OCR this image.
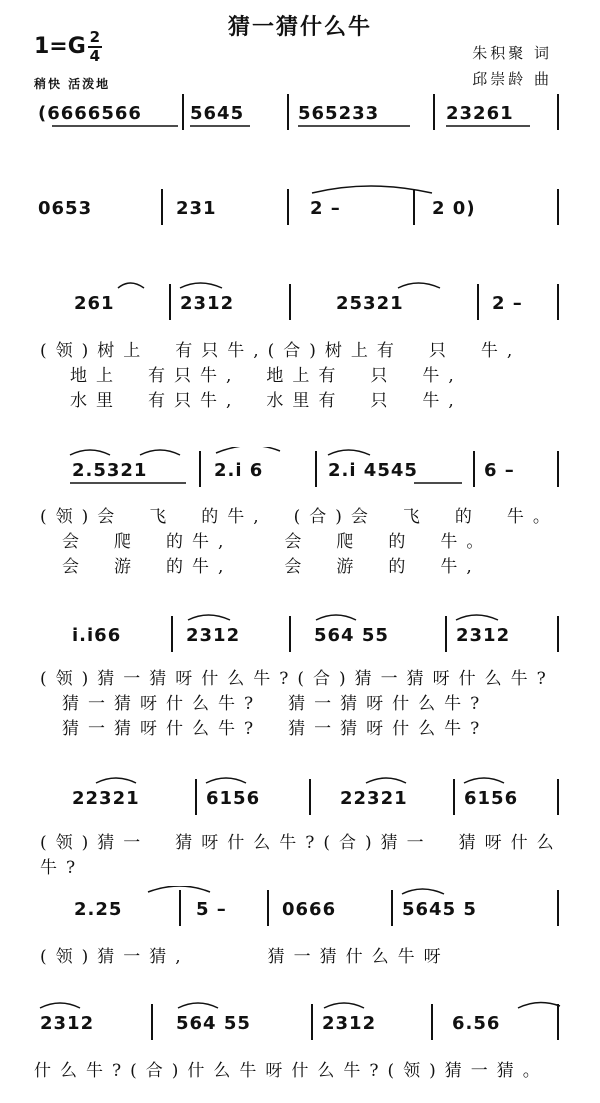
猜一猜什么牛
$1=G \frac{2}{4}$	朱积聚 词
邱崇龄 曲
稍快 活泼地
(6666566	5645	565233	23261
0653	231	2 –	2 0)
261	2312	25321	2 –
(领)树上　有只牛,(合)树上有　只　牛,
地上　有只牛,　地上有　只　牛,
水里　有只牛,　水里有　只　牛,
2.5321	2.i 6	2.i 4545	6 –
(领)会　飞　的牛,　(合)会　飞　的　牛。
会　爬　的牛,　　会　爬　的　牛。
会　游　的牛,　　会　游　的　牛,
i.i66	2312	564 55	2312
(领)猜一猜呀什么牛?(合)猜一猜呀什么牛?
猜一猜呀什么牛?　猜一猜呀什么牛?
猜一猜呀什么牛?　猜一猜呀什么牛?
22321	6156	22321	6156
(领)猜一　猜呀什么牛?(合)猜一　猜呀什么牛?
2.25	5 –	0666	5645 5
(领)猜一猜,　　　猜一猜什么牛呀
2312	564 55	2312	6.56
什么牛?(合)什么牛呀什么牛?(领)猜一猜。
